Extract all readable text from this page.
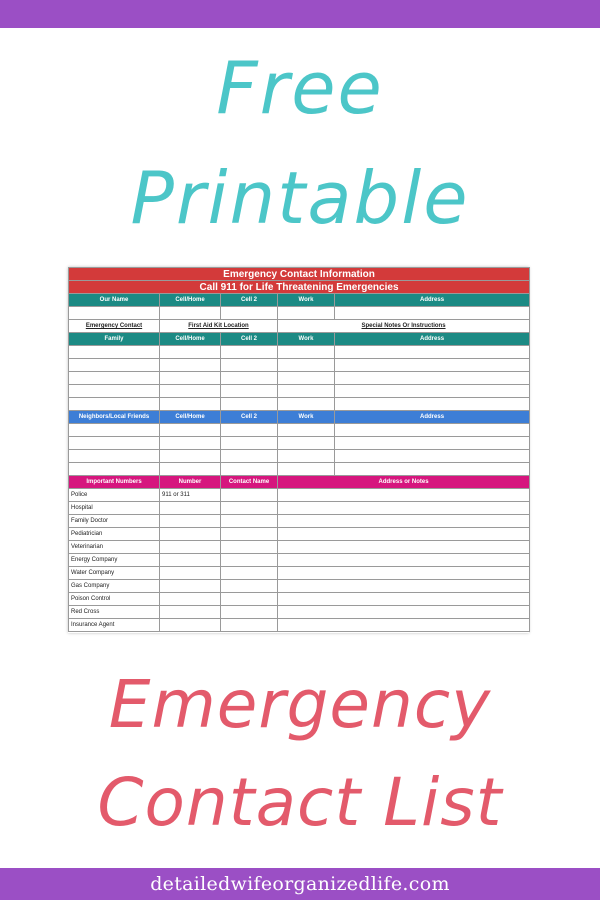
Free
Printable
Emergency Contact Information				
Call 911 for Life Threatening Emergencies				
Our Name	Cell/Home	Cell 2	Work	Address

Emergency Contact	First Aid Kit Location		Special Notes Or Instructions	
Family	Cell/Home	Cell 2	Work	Address

Neighbors/Local Friends	Cell/Home	Cell 2	Work	Address

Important Numbers	Number	Contact Name	Address or Notes	
Police	911 or 311			
Hospital				
Family Doctor				
Pediatrician				
Veterinarian				
Energy Company				
Water Company				
Gas Company				
Poison Control				
Red Cross				
Insurance Agent				
Emergency
Contact List
detailedwifeorganizedlife.com
